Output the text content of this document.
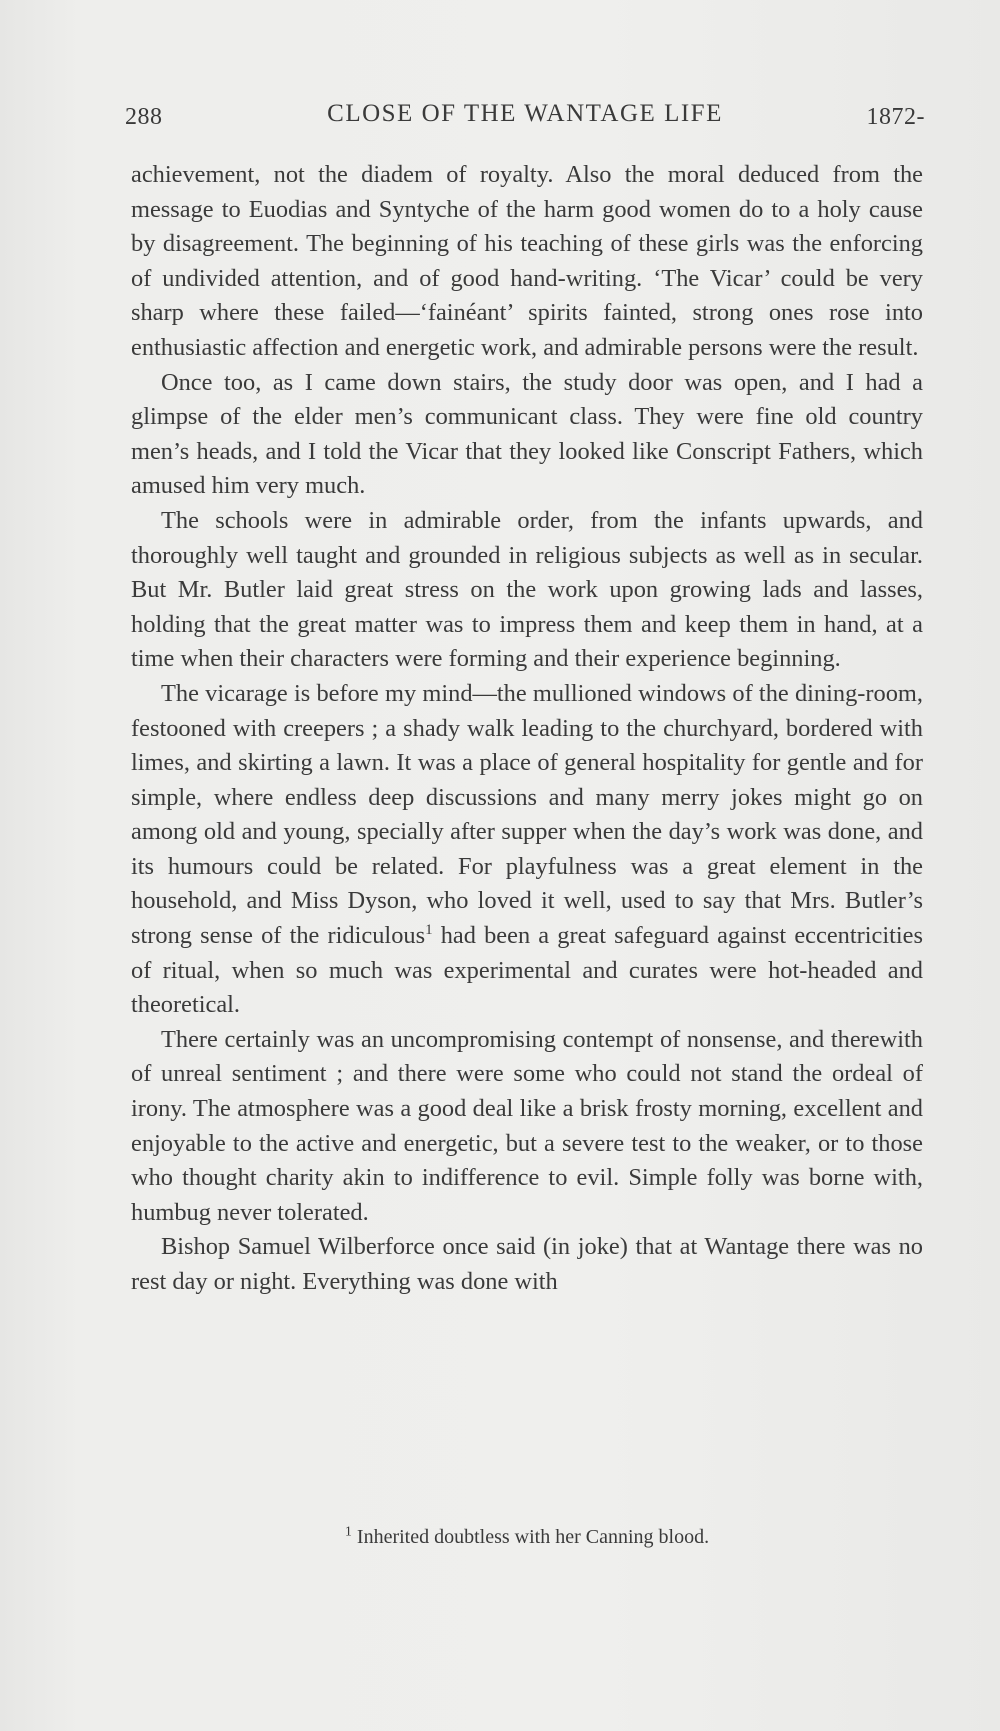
288	CLOSE OF THE WANTAGE LIFE	1872-

achievement, not the diadem of royalty. Also the moral deduced from the message to Euodias and Syntyche of the harm good women do to a holy cause by disagreement. The beginning of his teaching of these girls was the enforcing of undivided attention, and of good hand-writing. ‘The Vicar’ could be very sharp where these failed—‘fainéant’ spirits fainted, strong ones rose into enthusiastic affection and energetic work, and admirable persons were the result.

Once too, as I came down stairs, the study door was open, and I had a glimpse of the elder men’s communicant class. They were fine old country men’s heads, and I told the Vicar that they looked like Conscript Fathers, which amused him very much.

The schools were in admirable order, from the infants upwards, and thoroughly well taught and grounded in religious subjects as well as in secular. But Mr. Butler laid great stress on the work upon growing lads and lasses, holding that the great matter was to impress them and keep them in hand, at a time when their characters were forming and their experience beginning.

The vicarage is before my mind—the mullioned windows of the dining-room, festooned with creepers ; a shady walk leading to the churchyard, bordered with limes, and skirting a lawn. It was a place of general hospitality for gentle and for simple, where endless deep discussions and many merry jokes might go on among old and young, specially after supper when the day’s work was done, and its humours could be related. For playfulness was a great element in the household, and Miss Dyson, who loved it well, used to say that Mrs. Butler’s strong sense of the ridiculous$^1$ had been a great safeguard against eccentricities of ritual, when so much was experimental and curates were hot-headed and theoretical.

There certainly was an uncompromising contempt of nonsense, and therewith of unreal sentiment ; and there were some who could not stand the ordeal of irony. The atmosphere was a good deal like a brisk frosty morning, excellent and enjoyable to the active and energetic, but a severe test to the weaker, or to those who thought charity akin to indifference to evil. Simple folly was borne with, humbug never tolerated.

Bishop Samuel Wilberforce once said (in joke) that at Wantage there was no rest day or night. Everything was done with

$^1$ Inherited doubtless with her Canning blood.
